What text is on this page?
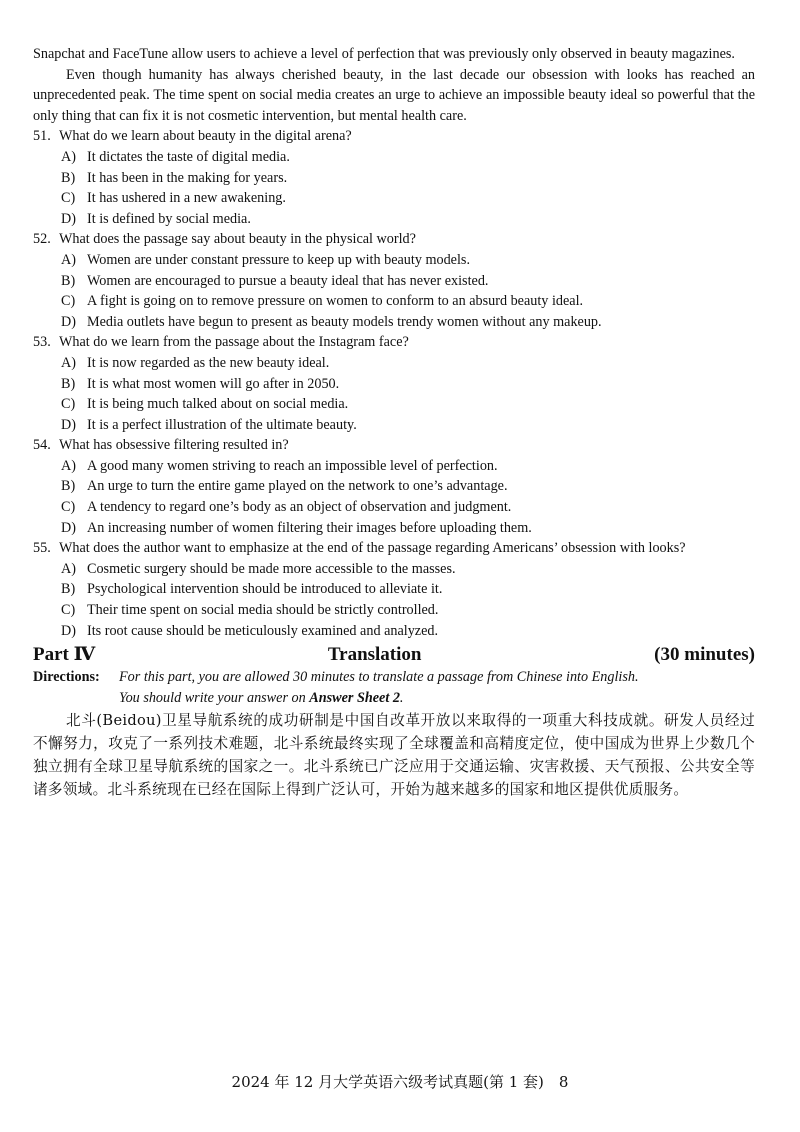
Snapchat and FaceTune allow users to achieve a level of perfection that was previously only observed in beauty magazines.

Even though humanity has always cherished beauty, in the last decade our obsession with looks has reached an unprecedented peak. The time spent on social media creates an urge to achieve an impossible beauty ideal so powerful that the only thing that can fix it is not cosmetic intervention, but mental health care.

51. What do we learn about beauty in the digital arena?
A) It dictates the taste of digital media.
B) It has been in the making for years.
C) It has ushered in a new awakening.
D) It is defined by social media.
52. What does the passage say about beauty in the physical world?
A) Women are under constant pressure to keep up with beauty models.
B) Women are encouraged to pursue a beauty ideal that has never existed.
C) A fight is going on to remove pressure on women to conform to an absurd beauty ideal.
D) Media outlets have begun to present as beauty models trendy women without any makeup.
53. What do we learn from the passage about the Instagram face?
A) It is now regarded as the new beauty ideal.
B) It is what most women will go after in 2050.
C) It is being much talked about on social media.
D) It is a perfect illustration of the ultimate beauty.
54. What has obsessive filtering resulted in?
A) A good many women striving to reach an impossible level of perfection.
B) An urge to turn the entire game played on the network to one’s advantage.
C) A tendency to regard one’s body as an object of observation and judgment.
D) An increasing number of women filtering their images before uploading them.
55. What does the author want to emphasize at the end of the passage regarding Americans’ obsession with looks?
A) Cosmetic surgery should be made more accessible to the masses.
B) Psychological intervention should be introduced to alleviate it.
C) Their time spent on social media should be strictly controlled.
D) Its root cause should be meticulously examined and analyzed.
Part Ⅳ	Translation	(30 minutes)
Directions:	For this part, you are allowed 30 minutes to translate a passage from Chinese into English.
You should write your answer on Answer Sheet 2.

北斗(Beidou)卫星导航系统的成功研制是中国自改革开放以来取得的一项重大科技成就。研发人员经过不懈努力，攻克了一系列技术难题，北斗系统最终实现了全球覆盖和高精度定位，使中国成为世界上少数几个独立拥有全球卫星导航系统的国家之一。北斗系统已广泛应用于交通运输、灾害救援、天气预报、公共安全等诸多领域。北斗系统现在已经在国际上得到广泛认可，开始为越来越多的国家和地区提供优质服务。

2024 年 12 月大学英语六级考试真题(第 1 套)　8
